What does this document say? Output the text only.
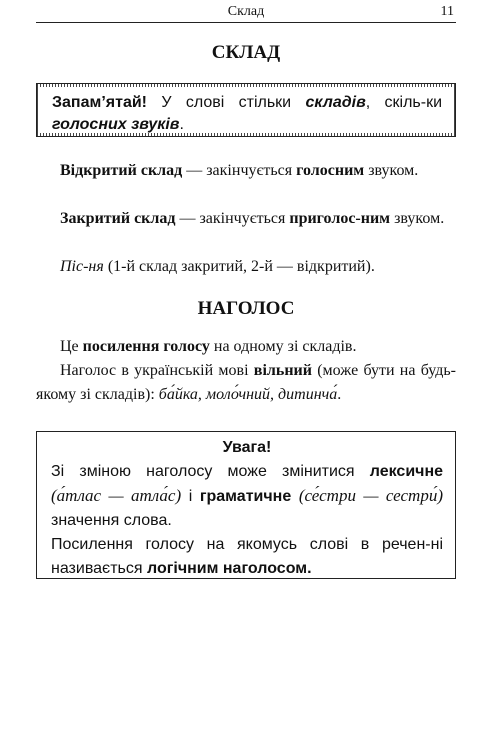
Склад	11
СКЛАД
Запам’ятай! У слові стільки складів, скіль-ки голосних звуків.

Відкритий склад — закінчується голосним звуком.

Закритий склад — закінчується приголос-ним звуком.

Піс-ня (1-й склад закритий, 2-й — відкритий).

НАГОЛОС

Це посилення голосу на одному зі складів.

Наголос в українській мові вільний (може бути на будь-якому зі складів): ба́йка, моло́чний, дитинча́.

Увага!
Зі зміною наголосу може змінитися лексичне (а́тлас — атла́с) і граматичне (се́стри — сестри́) значення слова.
Посилення голосу на якомусь слові в речен-ні називається логічним наголосом.
